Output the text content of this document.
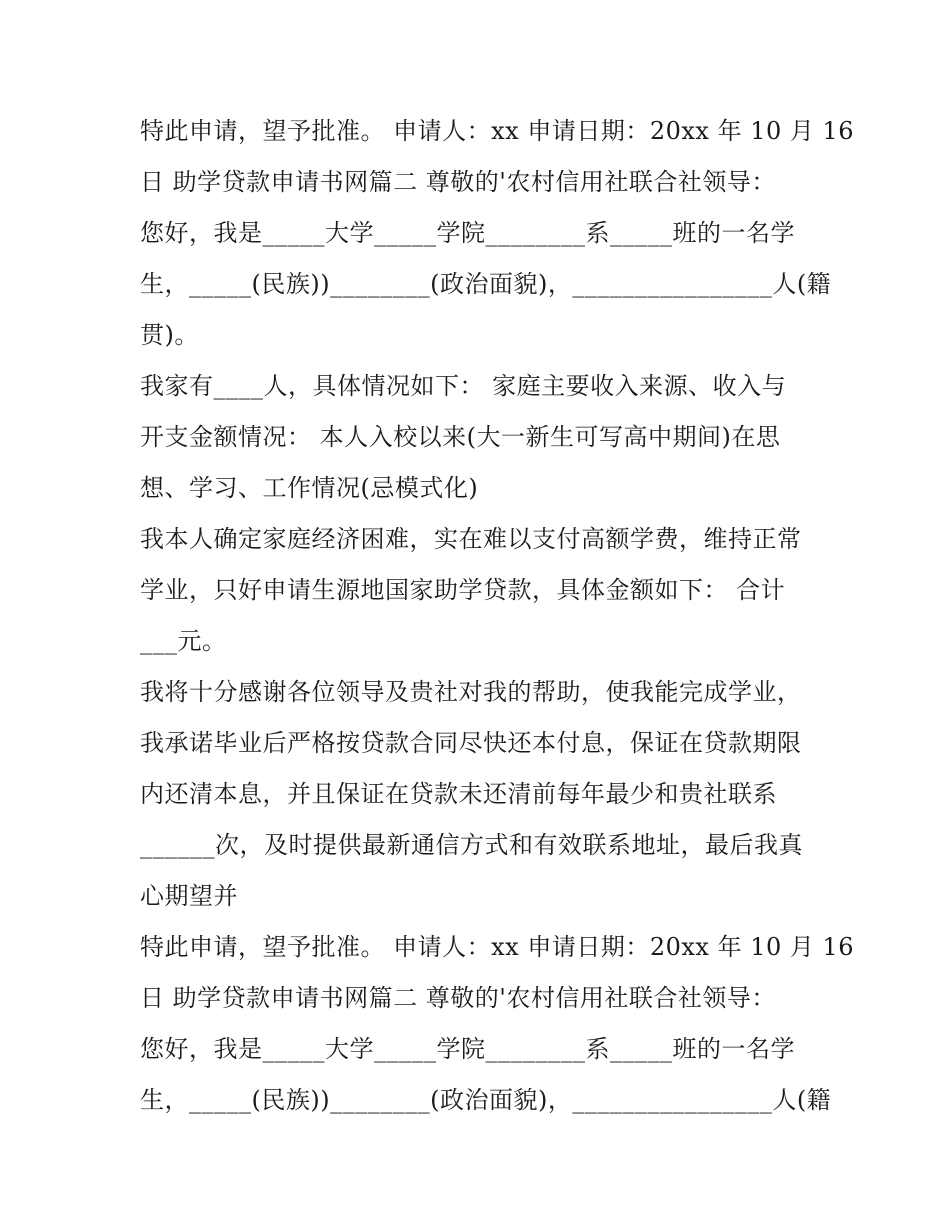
特此申请，望予批准。 申请人：xx 申请日期：20xx 年 10 月 16
日 助学贷款申请书网篇二 尊敬的'农村信用社联合社领导：
您好，我是_____大学_____学院________系_____班的一名学
生，_____(民族))________(政治面貌)，________________人(籍
贯)。
我家有____人，具体情况如下： 家庭主要收入来源、收入与
开支金额情况： 本人入校以来(大一新生可写高中期间)在思
想、学习、工作情况(忌模式化)
我本人确定家庭经济困难，实在难以支付高额学费，维持正常
学业，只好申请生源地国家助学贷款，具体金额如下： 合计
___元。
我将十分感谢各位领导及贵社对我的帮助，使我能完成学业，
我承诺毕业后严格按贷款合同尽快还本付息，保证在贷款期限
内还清本息，并且保证在贷款未还清前每年最少和贵社联系
______次，及时提供最新通信方式和有效联系地址，最后我真
心期望并
特此申请，望予批准。 申请人：xx 申请日期：20xx 年 10 月 16
日 助学贷款申请书网篇二 尊敬的'农村信用社联合社领导：
您好，我是_____大学_____学院________系_____班的一名学
生，_____(民族))________(政治面貌)，________________人(籍
